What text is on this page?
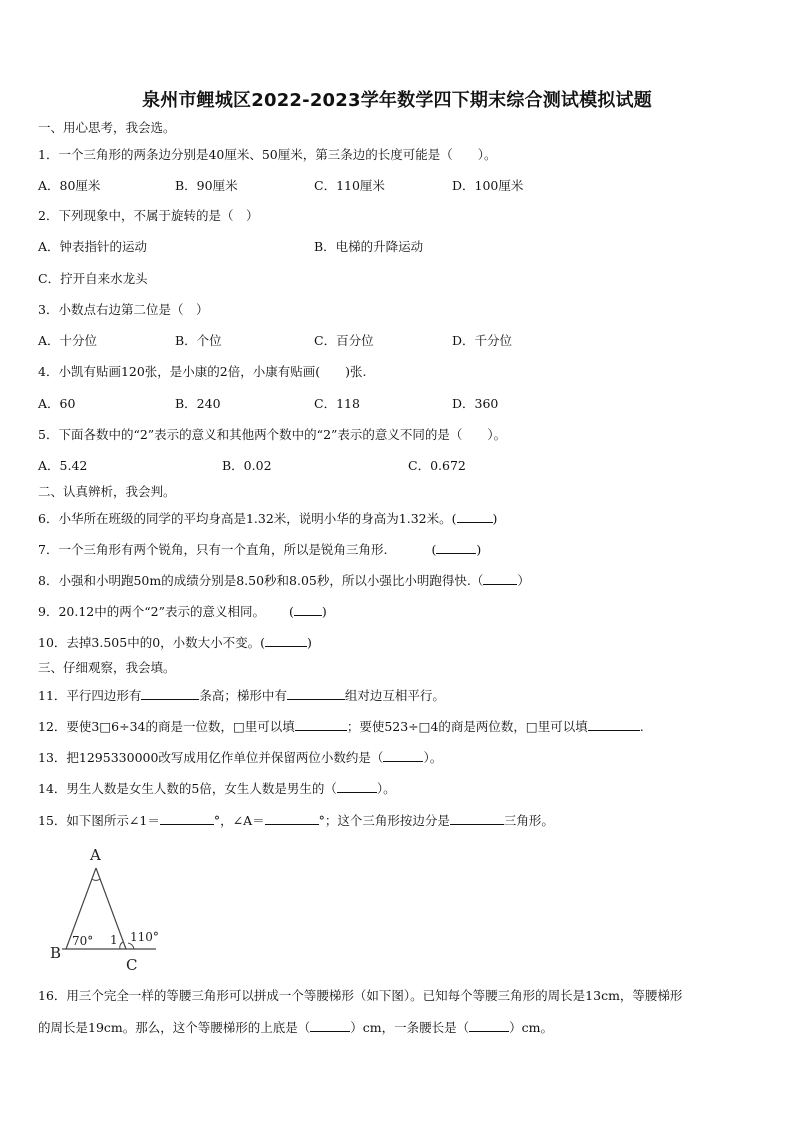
泉州市鲤城区2022-2023学年数学四下期末综合测试模拟试题
一、用心思考，我会选。
1．一个三角形的两条边分别是40厘米、50厘米，第三条边的长度可能是（　　）。
A．80厘米	B．90厘米	C．110厘米	D．100厘米
2．下列现象中，不属于旋转的是（　）
A．钟表指针的运动	B．电梯的升降运动
C．拧开自来水龙头
3．小数点右边第二位是（　）
A．十分位	B．个位	C．百分位	D．千分位
4．小凯有贴画120张，是小康的2倍，小康有贴画(　　)张.
A．60	B．240	C．118	D．360
5．下面各数中的“2”表示的意义和其他两个数中的“2”表示的意义不同的是（　　）。
A．5.42	B．0.02	C．0.672
二、认真辨析，我会判。
6．小华所在班级的同学的平均身高是1.32米，说明小华的身高为1.32米。(	)
7．一个三角形有两个锐角，只有一个直角，所以是锐角三角形.	(	)
8．小强和小明跑50m的成绩分别是8.50秒和8.05秒，所以小强比小明跑得快.（	）
9．20.12中的两个“2”表示的意义相同。 ( )
10．去掉3.505中的0，小数大小不变。(	)
三、仔细观察，我会填。
11．平行四边形有	条高；梯形中有	组对边互相平行。
12．要使3□6÷34的商是一位数，□里可以填	；要使523÷□4的商是两位数，□里可以填	.
13．把1295330000改写成用亿作单位并保留两位小数约是（	）。
14．男生人数是女生人数的5倍，女生人数是男生的（	）。
15．如下图所示∠1＝	°，∠A＝	°；这个三角形按边分是	三角形。
A
B
C
70° 1 110°
16．用三个完全一样的等腰三角形可以拼成一个等腰梯形（如下图）。已知每个等腰三角形的周长是13cm，等腰梯形
的周长是19cm。那么，这个等腰梯形的上底是（	）cm，一条腰长是（	）cm。
